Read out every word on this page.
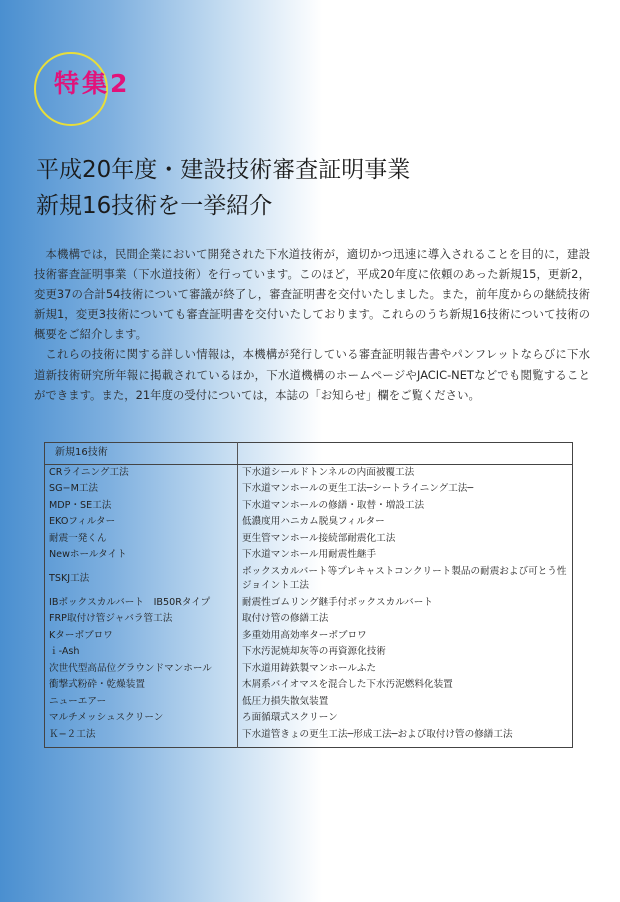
特集2
平成20年度・建設技術審査証明事業
新規16技術を一挙紹介

本機構では，民間企業において開発された下水道技術が，適切かつ迅速に導入されることを目的に，建設技術審査証明事業（下水道技術）を行っています。このほど，平成20年度に依頼のあった新規15，更新2，変更37の合計54技術について審議が終了し，審査証明書を交付いたしました。また，前年度からの継続技術新規1，変更3技術についても審査証明書を交付いたしております。これらのうち新規16技術について技術の概要をご紹介します。

これらの技術に関する詳しい情報は，本機構が発行している審査証明報告書やパンフレットならびに下水道新技術研究所年報に掲載されているほか，下水道機構のホームページやJACIC-NETなどでも閲覧することができます。また，21年度の受付については，本誌の「お知らせ」欄をご覧ください。

新規16技術	
CRライニング工法	下水道シールドトンネルの内面被覆工法
SG−M工法	下水道マンホールの更生工法─シートライニング工法─
MDP・SE工法	下水道マンホールの修繕・取替・増設工法
EKOフィルター	低濃度用ハニカム脱臭フィルター
耐震一発くん	更生管マンホール接続部耐震化工法
Newホールタイト	下水道マンホール用耐震性継手
TSKJ工法	ボックスカルバート等プレキャストコンクリート製品の耐震および可とう性ジョイント工法
IBボックスカルバート　IB50Rタイプ	耐震性ゴムリング継手付ボックスカルバート
FRP取付け管ジャバラ管工法	取付け管の修繕工法
Kターボブロワ	多重効用高効率ターボブロワ
ｉ-Ash	下水汚泥焼却灰等の再資源化技術
次世代型高品位グラウンドマンホール	下水道用鋳鉄製マンホールふた
衝撃式粉砕・乾燥装置	木屑系バイオマスを混合した下水汚泥燃料化装置
ニューエアー	低圧力損失散気装置
マルチメッシュスクリーン	ろ面循環式スクリーン
Ｋ−２工法	下水道管きょの更生工法─形成工法─および取付け管の修繕工法
